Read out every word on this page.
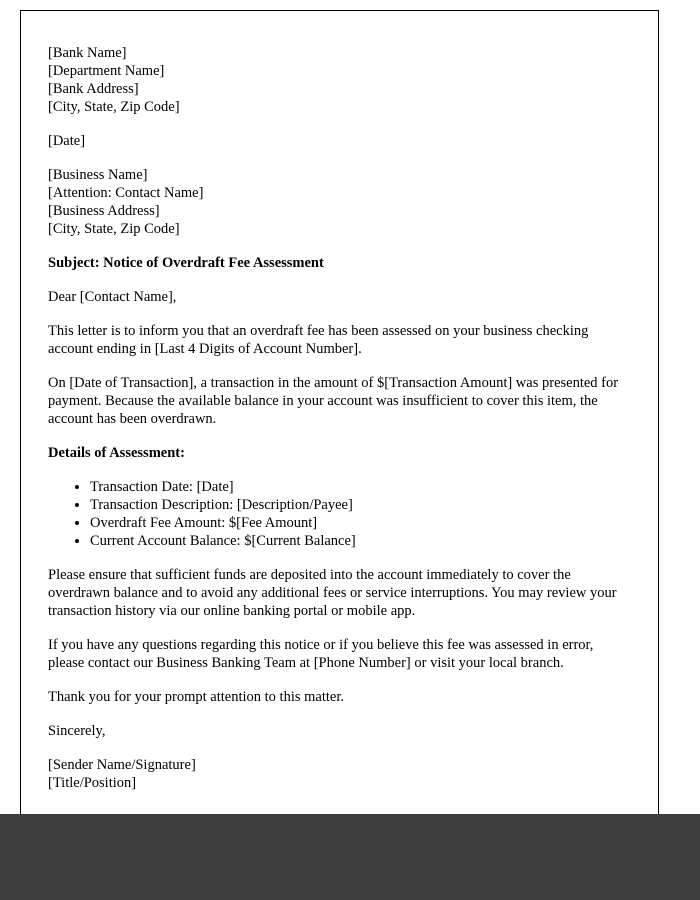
[Bank Name]
[Department Name]
[Bank Address]
[City, State, Zip Code]

[Date]

[Business Name]
[Attention: Contact Name]
[Business Address]
[City, State, Zip Code]

Subject: Notice of Overdraft Fee Assessment

Dear [Contact Name],

This letter is to inform you that an overdraft fee has been assessed on your business checking account ending in [Last 4 Digits of Account Number].

On [Date of Transaction], a transaction in the amount of $[Transaction Amount] was presented for payment. Because the available balance in your account was insufficient to cover this item, the account has been overdrawn.

Details of Assessment:

• Transaction Date: [Date]
• Transaction Description: [Description/Payee]
• Overdraft Fee Amount: $[Fee Amount]
• Current Account Balance: $[Current Balance]

Please ensure that sufficient funds are deposited into the account immediately to cover the overdrawn balance and to avoid any additional fees or service interruptions. You may review your transaction history via our online banking portal or mobile app.

If you have any questions regarding this notice or if you believe this fee was assessed in error, please contact our Business Banking Team at [Phone Number] or visit your local branch.

Thank you for your prompt attention to this matter.

Sincerely,

[Sender Name/Signature]
[Title/Position]
